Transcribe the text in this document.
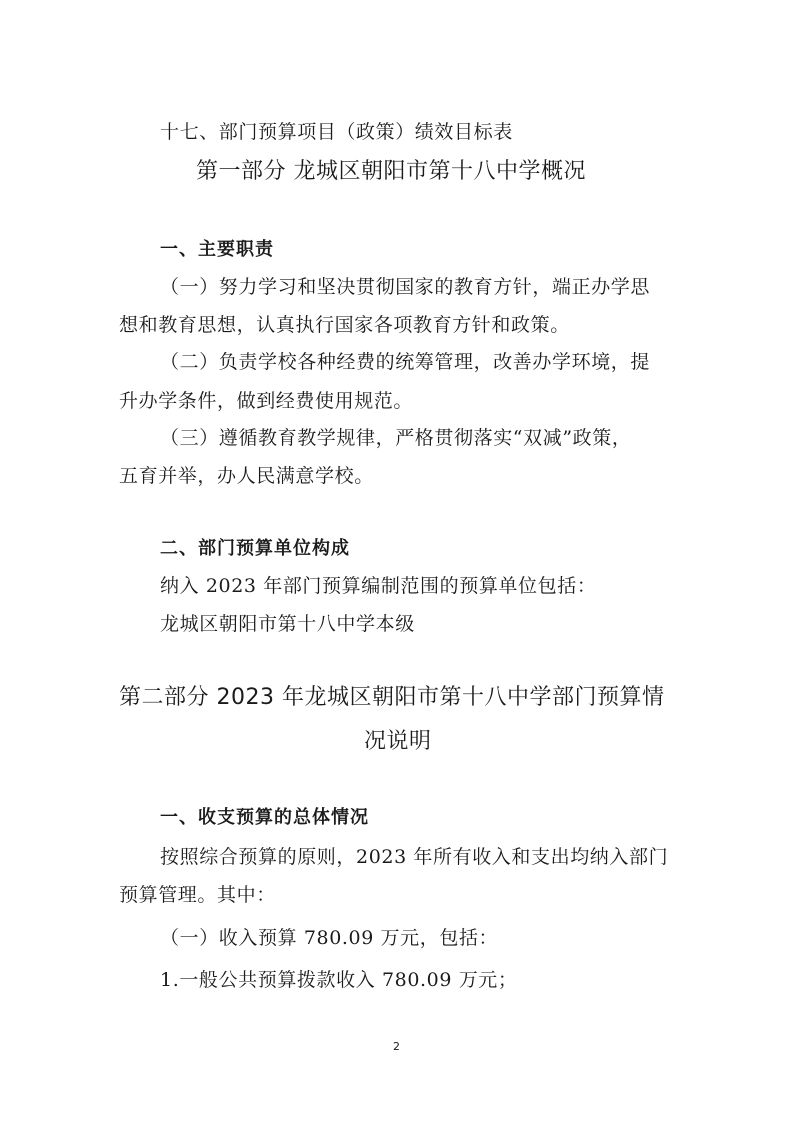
十七、部门预算项目（政策）绩效目标表
第一部分 龙城区朝阳市第十八中学概况
一、主要职责
（一）努力学习和坚决贯彻国家的教育方针，端正办学思
想和教育思想，认真执行国家各项教育方针和政策。
（二）负责学校各种经费的统筹管理，改善办学环境，提
升办学条件，做到经费使用规范。
（三）遵循教育教学规律，严格贯彻落实“双减”政策，
五育并举，办人民满意学校。
二、部门预算单位构成
纳入 2023 年部门预算编制范围的预算单位包括：
龙城区朝阳市第十八中学本级
第二部分 2023 年龙城区朝阳市第十八中学部门预算情
况说明
一、收支预算的总体情况
按照综合预算的原则，2023 年所有收入和支出均纳入部门
预算管理。其中：
（一）收入预算 780.09 万元，包括：
1.一般公共预算拨款收入 780.09 万元；
2
